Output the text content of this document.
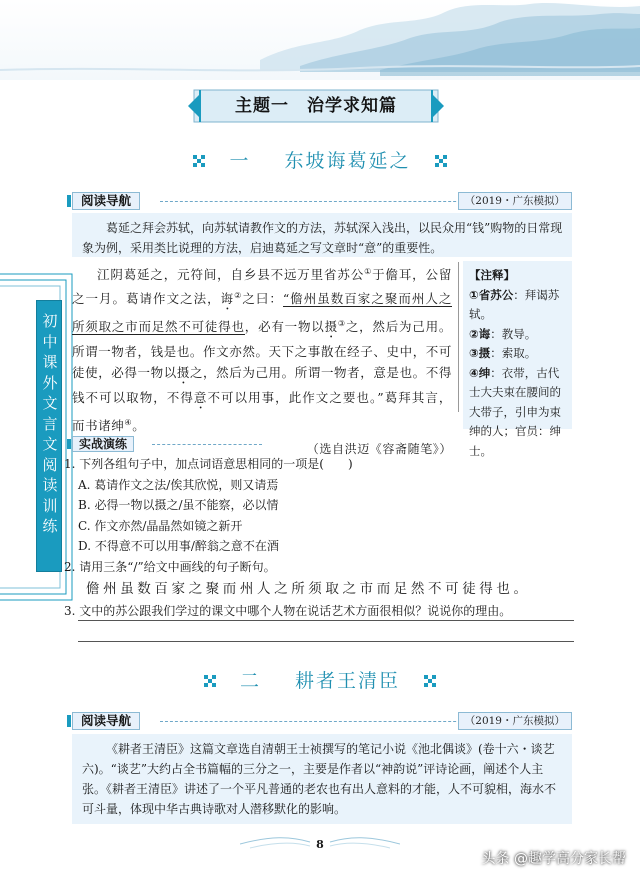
主题一　治学求知篇
一 东坡诲葛延之
初
中
课
外
文
言
文
阅
读
训
练
阅读导航	（2019・广东模拟）

葛延之拜会苏轼，向苏轼请教作文的方法，苏轼深入浅出，以民众用“钱”购物的日常现象为例，采用类比说理的方法，启迪葛延之写文章时“意”的重要性。

江阴葛延之，元符间，自乡县不远万里省苏公①于儋耳，公留之一月。葛请作文之法，诲②之曰：“儋州虽数百家之聚而州人之所须取之市而足然不可徒得也，必有一物以摄③之，然后为己用。所谓一物者，钱是也。作文亦然。天下之事散在经子、史中，不可徒使，必得一物以摄之，然后为己用。所谓一物者，意是也。不得钱不可以取物，不得意不可以用事，此作文之要也。”葛拜其言，而书诸绅④。

（选自洪迈《容斋随笔》）

【注释】
①省苏公：拜谒苏轼。
②诲：教导。
③摄：索取。
④绅：衣带，古代士大夫束在腰间的大带子，引申为束绅的人；官员：绅士。
实战演练
1. 下列各组句子中，加点词语意思相同的一项是(　　)
A. 葛请作文之法/俟其欣悦，则又请焉
B. 必得一物以摄之/虽不能察，必以情
C. 作文亦然/晶晶然如镜之新开
D. 不得意不可以用事/醉翁之意不在酒
2. 请用三条“/”给文中画线的句子断句。
儋州虽数百家之聚而州人之所须取之市而足然不可徒得也。
3. 文中的苏公跟我们学过的课文中哪个人物在说话艺术方面很相似？说说你的理由。
二 耕者王清臣
阅读导航	（2019・广东模拟）

《耕者王清臣》这篇文章选自清朝王士祯撰写的笔记小说《池北偶谈》(卷十六・谈艺六)。“谈艺”大约占全书篇幅的三分之一，主要是作者以“神韵说”评诗论画，阐述个人主张。《耕者王清臣》讲述了一个平凡普通的老农也有出人意料的才能，人不可貌相，海水不可斗量，体现中华古典诗歌对人潜移默化的影响。

8
头条 @趣学高分家长帮
